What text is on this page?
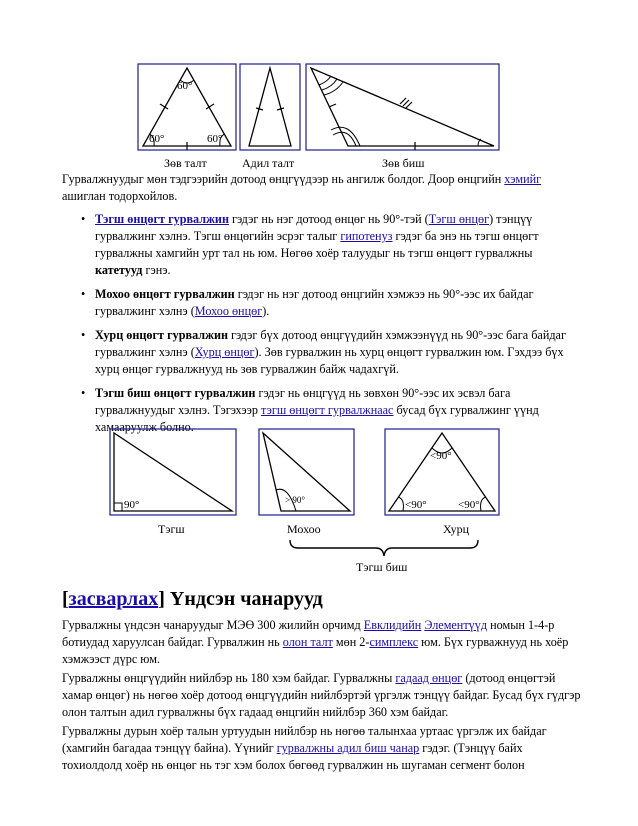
60°
60°	60°
Зөв талт	Адил талт	Зөв биш

Гурвалжнуудыг мөн тэдгээрийн дотоод өнцгүүдээр нь ангилж болдог. Доор өнцгийн хэмийг ашиглан тодорхойлов.

• Тэгш өнцөгт гурвалжин гэдэг нь нэг дотоод өнцөг нь 90°-тэй (Тэгш өнцөг) тэнцүү гурвалжинг хэлнэ. Тэгш өнцөгийн эсрэг талыг гипотенуз гэдэг ба энэ нь тэгш өнцөгт гурвалжны хамгийн урт тал нь юм. Нөгөө хоёр талуудыг нь тэгш өнцөгт гурвалжны катетууд гэнэ.
• Мохоо өнцөгт гурвалжин гэдэг нь нэг дотоод өнцгийн хэмжээ нь 90°-ээс их байдаг гурвалжинг хэлнэ (Мохоо өнцөг).
• Хурц өнцөгт гурвалжин гэдэг бүх дотоод өнцгүүдийн хэмжээнүүд нь 90°-ээс бага байдаг гурвалжинг хэлнэ (Хурц өнцөг). Зөв гурвалжин нь хурц өнцөгт гурвалжин юм. Гэхдээ бүх хурц өнцөг гурвалжнууд нь зөв гурвалжин байж чадахгүй.
• Тэгш биш өнцөгт гурвалжин гэдэг нь өнцгүүд нь зөвхөн 90°-ээс их эсвэл бага гурвалжнуудыг хэлнэ. Тэгэхээр тэгш өнцөгт гурвалжнаас бусад бүх гурвалжинг үүнд хамааруулж болно.
90°	> 90°
<90°
<90°	<90°
Тэгш	Мохоо	Хурц
Тэгш биш
[засварлах] Үндсэн чанарууд

Гурвалжны үндсэн чанаруудыг МЭӨ 300 жилийн орчимд Евклидийн Элементүүд номын 1-4-р ботиудад харуулсан байдаг. Гурвалжин нь олон талт мөн 2-симплекс юм. Бүх гурважнууд нь хоёр хэмжээст дүрс юм.

Гурвалжны өнцгүүдийн нийлбэр нь 180 хэм байдаг. Гурвалжны гадаад өнцөг (дотоод өнцөгтэй хамар өнцөг) нь нөгөө хоёр дотоод өнцгүүдийн нийлбэртэй үргэлж тэнцүү байдаг. Бусад бүх гүдгэр олон талтын адил гурвалжны бүх гадаад өнцгийн нийлбэр 360 хэм байдаг.

Гурвалжны дурын хоёр талын уртуудын нийлбэр нь нөгөө талынхаа уртаас үргэлж их байдаг (хамгийн багадаа тэнцүү байна). Үүнийг гурвалжны адил биш чанар гэдэг. (Тэнцүү байх тохиолдолд хоёр нь өнцөг нь тэг хэм болох бөгөөд гурвалжин нь шугаман сегмент болон
